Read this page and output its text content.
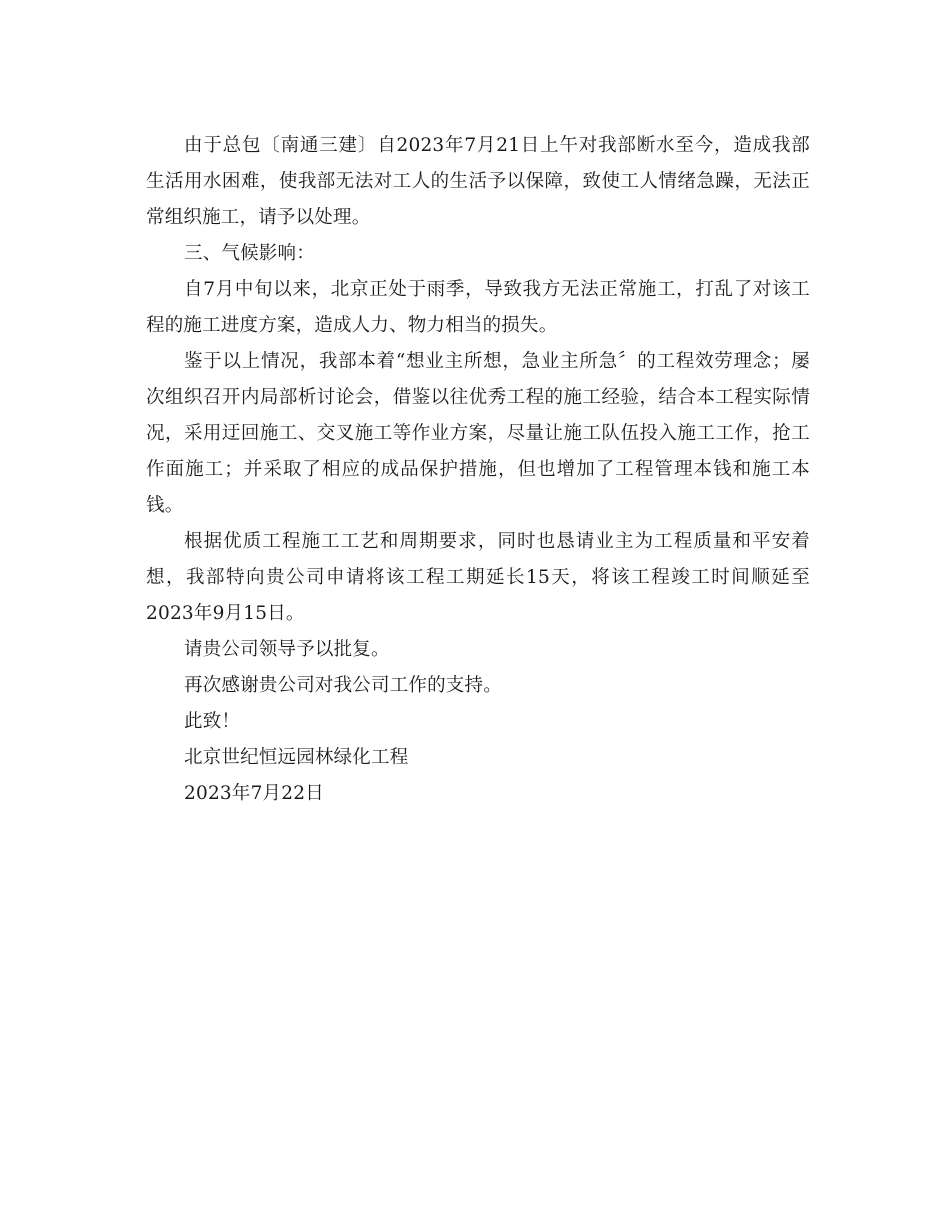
由于总包〔南通三建〕自2023年7月21日上午对我部断水至今，造成我部生活用水困难，使我部无法对工人的生活予以保障，致使工人情绪急躁，无法正常组织施工，请予以处理。

三、气候影响：

自7月中旬以来，北京正处于雨季，导致我方无法正常施工，打乱了对该工程的施工进度方案，造成人力、物力相当的损失。

鉴于以上情况，我部本着“想业主所想，急业主所急〞的工程效劳理念；屡次组织召开内局部析讨论会，借鉴以往优秀工程的施工经验，结合本工程实际情况，采用迂回施工、交叉施工等作业方案，尽量让施工队伍投入施工工作，抢工作面施工；并采取了相应的成品保护措施，但也增加了工程管理本钱和施工本钱。

根据优质工程施工工艺和周期要求，同时也恳请业主为工程质量和平安着想，我部特向贵公司申请将该工程工期延长15天，将该工程竣工时间顺延至2023年9月15日。

请贵公司领导予以批复。

再次感谢贵公司对我公司工作的支持。

此致！

北京世纪恒远园林绿化工程

2023年7月22日
